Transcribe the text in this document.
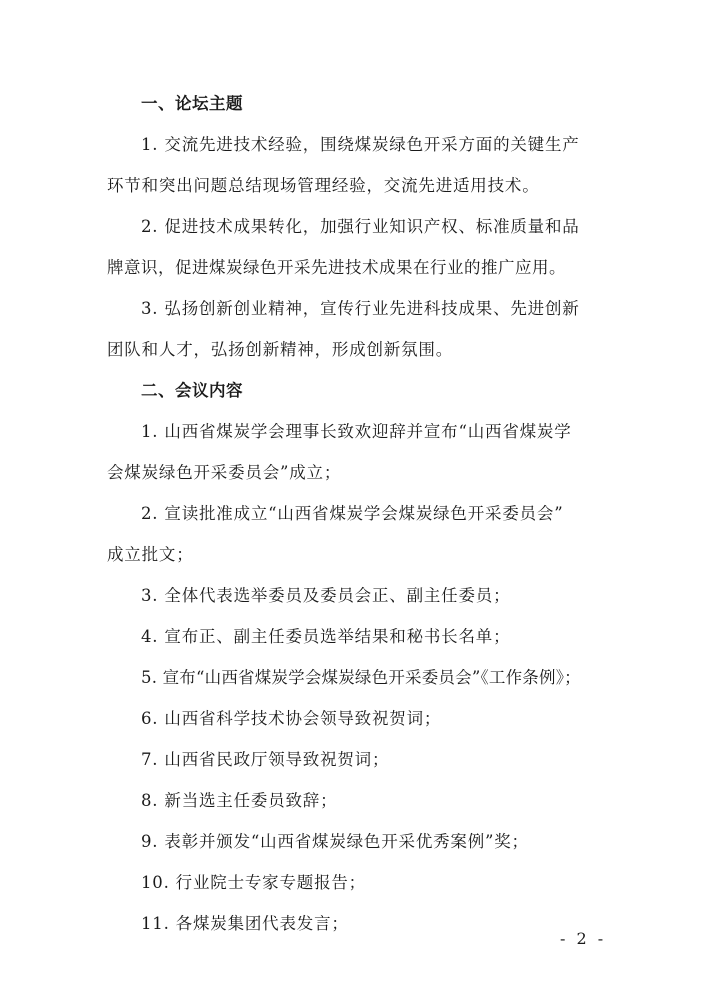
一、论坛主题
1. 交流先进技术经验，围绕煤炭绿色开采方面的关键生产
环节和突出问题总结现场管理经验，交流先进适用技术。
2. 促进技术成果转化，加强行业知识产权、标准质量和品
牌意识，促进煤炭绿色开采先进技术成果在行业的推广应用。
3. 弘扬创新创业精神，宣传行业先进科技成果、先进创新
团队和人才，弘扬创新精神，形成创新氛围。
二、会议内容
1. 山西省煤炭学会理事长致欢迎辞并宣布“山西省煤炭学
会煤炭绿色开采委员会”成立；
2. 宣读批准成立“山西省煤炭学会煤炭绿色开采委员会”
成立批文；
3. 全体代表选举委员及委员会正、副主任委员；
4. 宣布正、副主任委员选举结果和秘书长名单；
5. 宣布“山西省煤炭学会煤炭绿色开采委员会”《工作条例》；
6. 山西省科学技术协会领导致祝贺词；
7. 山西省民政厅领导致祝贺词；
8. 新当选主任委员致辞；
9. 表彰并颁发“山西省煤炭绿色开采优秀案例”奖；
10. 行业院士专家专题报告；
11. 各煤炭集团代表发言；
- 2 -
